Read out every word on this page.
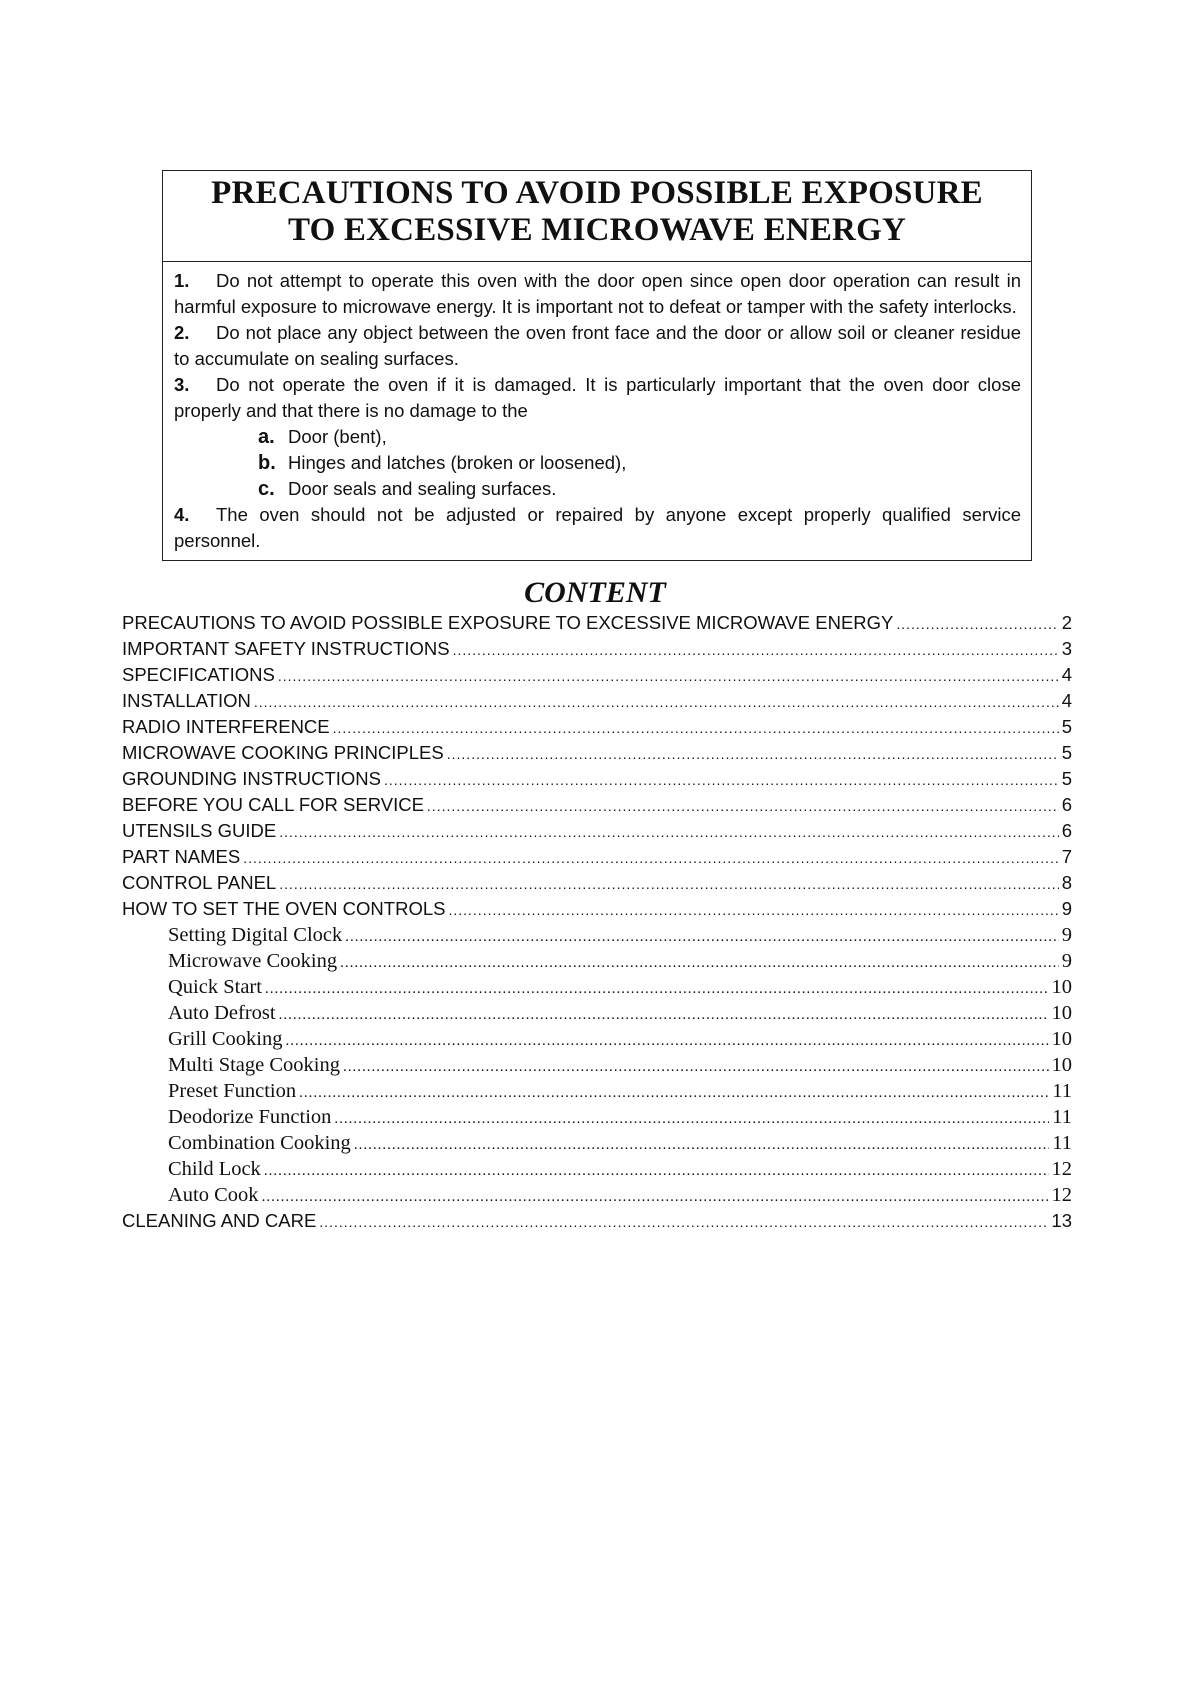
PRECAUTIONS TO AVOID POSSIBLE EXPOSURE
TO EXCESSIVE MICROWAVE ENERGY
1. Do not attempt to operate this oven with the door open since open door operation can result in harmful exposure to microwave energy. It is important not to defeat or tamper with the safety interlocks.
2. Do not place any object between the oven front face and the door or allow soil or cleaner residue to accumulate on sealing surfaces.
3. Do not operate the oven if it is damaged. It is particularly important that the oven door close properly and that there is no damage to the
a. Door (bent),
b. Hinges and latches (broken or loosened),
c. Door seals and sealing surfaces.
4. The oven should not be adjusted or repaired by anyone except properly qualified service personnel.
CONTENT
PRECAUTIONS TO AVOID POSSIBLE EXPOSURE TO EXCESSIVE MICROWAVE ENERGY .....	2
IMPORTANT SAFETY INSTRUCTIONS .....	3
SPECIFICATIONS .....	4
INSTALLATION .....	4
RADIO INTERFERENCE .....	5
MICROWAVE COOKING PRINCIPLES .....	5
GROUNDING INSTRUCTIONS .....	5
BEFORE YOU CALL FOR SERVICE .....	6
UTENSILS GUIDE .....	6
PART NAMES .....	7
CONTROL PANEL .....	8
HOW TO SET THE OVEN CONTROLS .....	9
Setting Digital Clock .....	9
Microwave Cooking .....	9
Quick Start .....	10
Auto Defrost .....	10
Grill Cooking .....	10
Multi Stage Cooking .....	10
Preset Function .....	11
Deodorize Function .....	11
Combination Cooking .....	11
Child Lock .....	12
Auto Cook .....	12
CLEANING AND CARE .....	13
